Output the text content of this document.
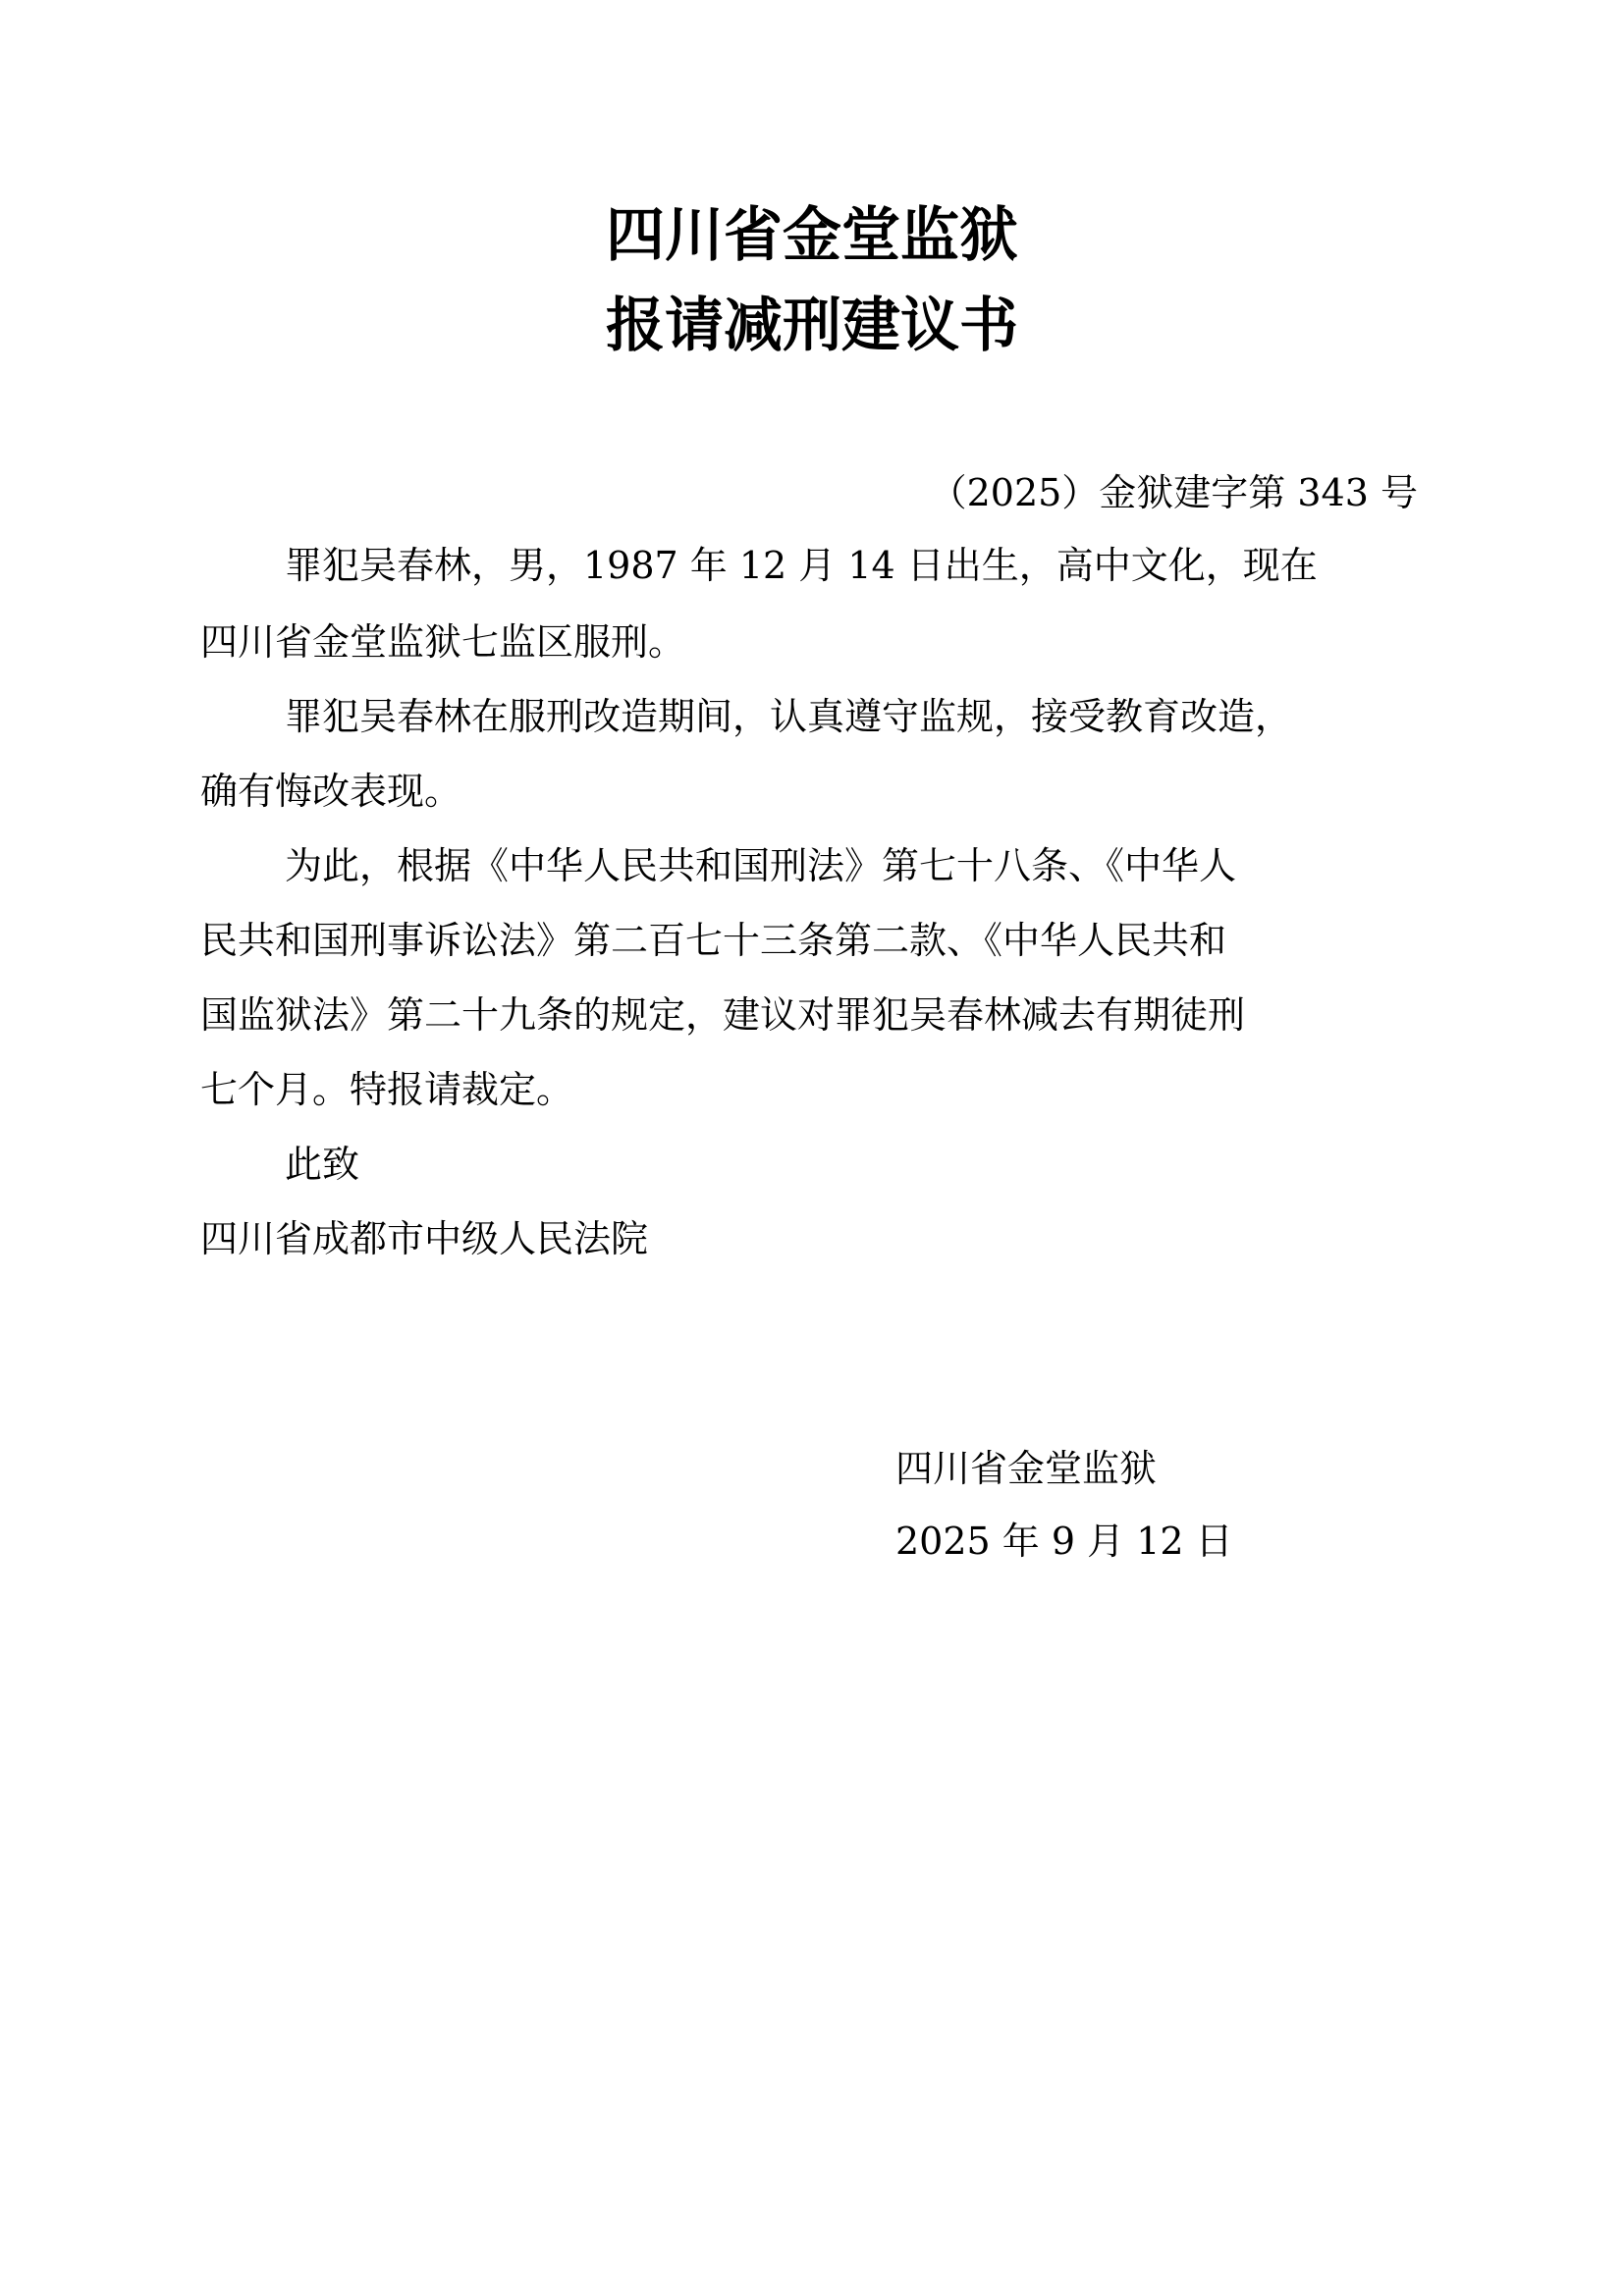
四川省金堂监狱
报请减刑建议书
（2025）金狱建字第 343 号
罪犯吴春林，男，1987 年 12 月 14 日出生，高中文化，现在
四川省金堂监狱七监区服刑。
罪犯吴春林在服刑改造期间，认真遵守监规，接受教育改造，
确有悔改表现。
为此，根据《中华人民共和国刑法》第七十八条、《中华人
民共和国刑事诉讼法》第二百七十三条第二款、《中华人民共和
国监狱法》第二十九条的规定，建议对罪犯吴春林减去有期徒刑
七个月。特报请裁定。
此致
四川省成都市中级人民法院
四川省金堂监狱
2025 年 9 月 12 日
